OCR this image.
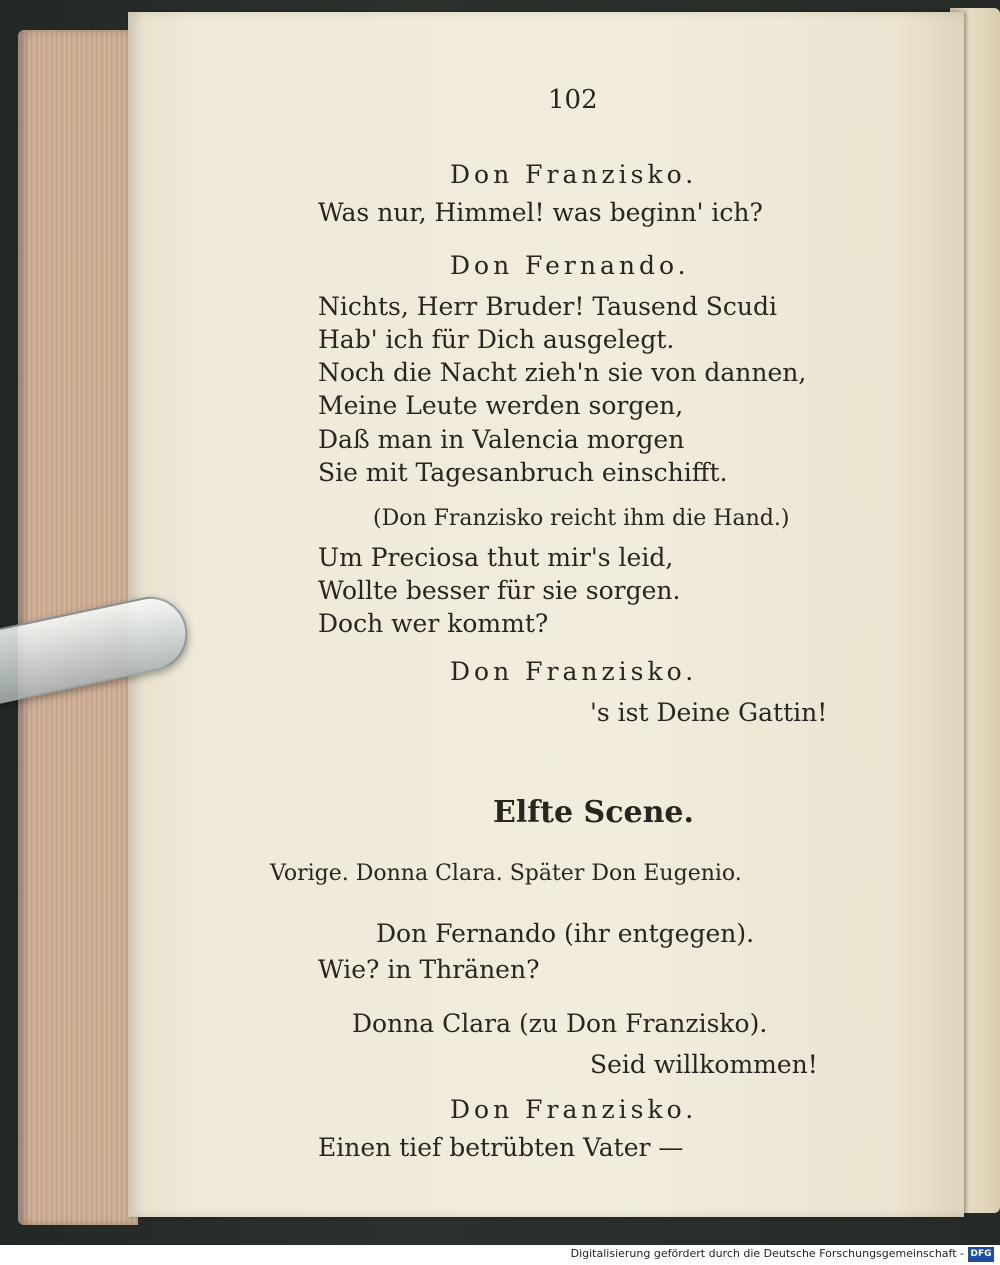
102
Don Franzisko.
Was nur, Himmel! was beginn' ich?
Don Fernando.
Nichts, Herr Bruder! Tausend Scudi
Hab' ich für Dich ausgelegt.
Noch die Nacht zieh'n sie von dannen,
Meine Leute werden sorgen,
Daß man in Valencia morgen
Sie mit Tagesanbruch einschifft.
(Don Franzisko reicht ihm die Hand.)
Um Preciosa thut mir's leid,
Wollte besser für sie sorgen.
Doch wer kommt?
Don Franzisko.
's ist Deine Gattin!
Elfte Scene.
Vorige. Donna Clara. Später Don Eugenio.
Don Fernando (ihr entgegen).
Wie? in Thränen?
Donna Clara (zu Don Franzisko).
Seid willkommen!
Don Franzisko.
Einen tief betrübten Vater —
Digitalisierung gefördert durch die Deutsche Forschungsgemeinschaft - DFG
